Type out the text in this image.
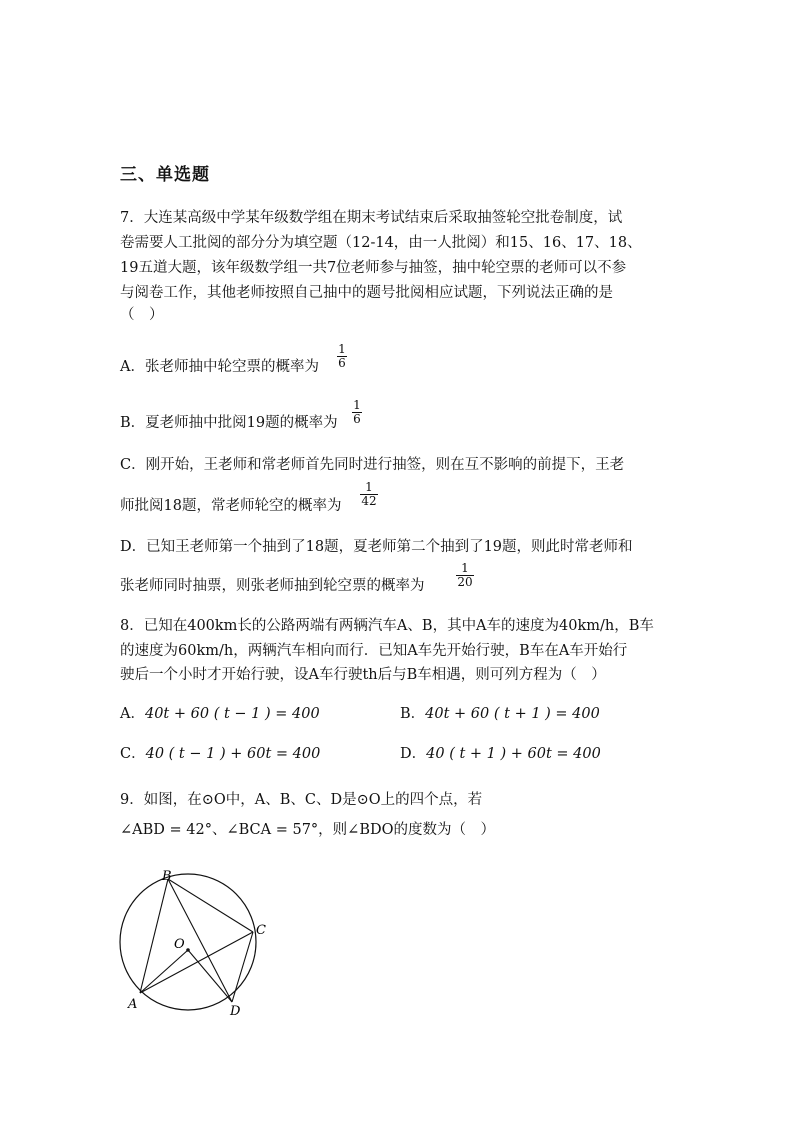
三、单选题
7．大连某高级中学某年级数学组在期末考试结束后采取抽签轮空批卷制度，试
卷需要人工批阅的部分分为填空题（12-14，由一人批阅）和15、16、17、18、
19五道大题，该年级数学组一共7位老师参与抽签，抽中轮空票的老师可以不参
与阅卷工作，其他老师按照自己抽中的题号批阅相应试题，下列说法正确的是
（　）
A．张老师抽中轮空票的概率为
1
6
B．夏老师抽中批阅19题的概率为
1
6
C．刚开始，王老师和常老师首先同时进行抽签，则在互不影响的前提下，王老
师批阅18题，常老师轮空的概率为
1
42
D．已知王老师第一个抽到了18题，夏老师第二个抽到了19题，则此时常老师和
张老师同时抽票，则张老师抽到轮空票的概率为
1
20
8．已知在400km长的公路两端有两辆汽车A、B，其中A车的速度为40km/h，B车
的速度为60km/h，两辆汽车相向而行．已知A车先开始行驶，B车在A车开始行
驶后一个小时才开始行驶，设A车行驶th后与B车相遇，则可列方程为（　）
A．40t + 60 ( t − 1 ) = 400	B．40t + 60 ( t + 1 ) = 400
C．40 ( t − 1 ) + 60t = 400	D．40 ( t + 1 ) + 60t = 400
9．如图，在⊙O中，A、B、C、D是⊙O上的四个点，若
∠ABD = 42°、∠BCA = 57°，则∠BDO的度数为（　）
B
C
O
A	D
